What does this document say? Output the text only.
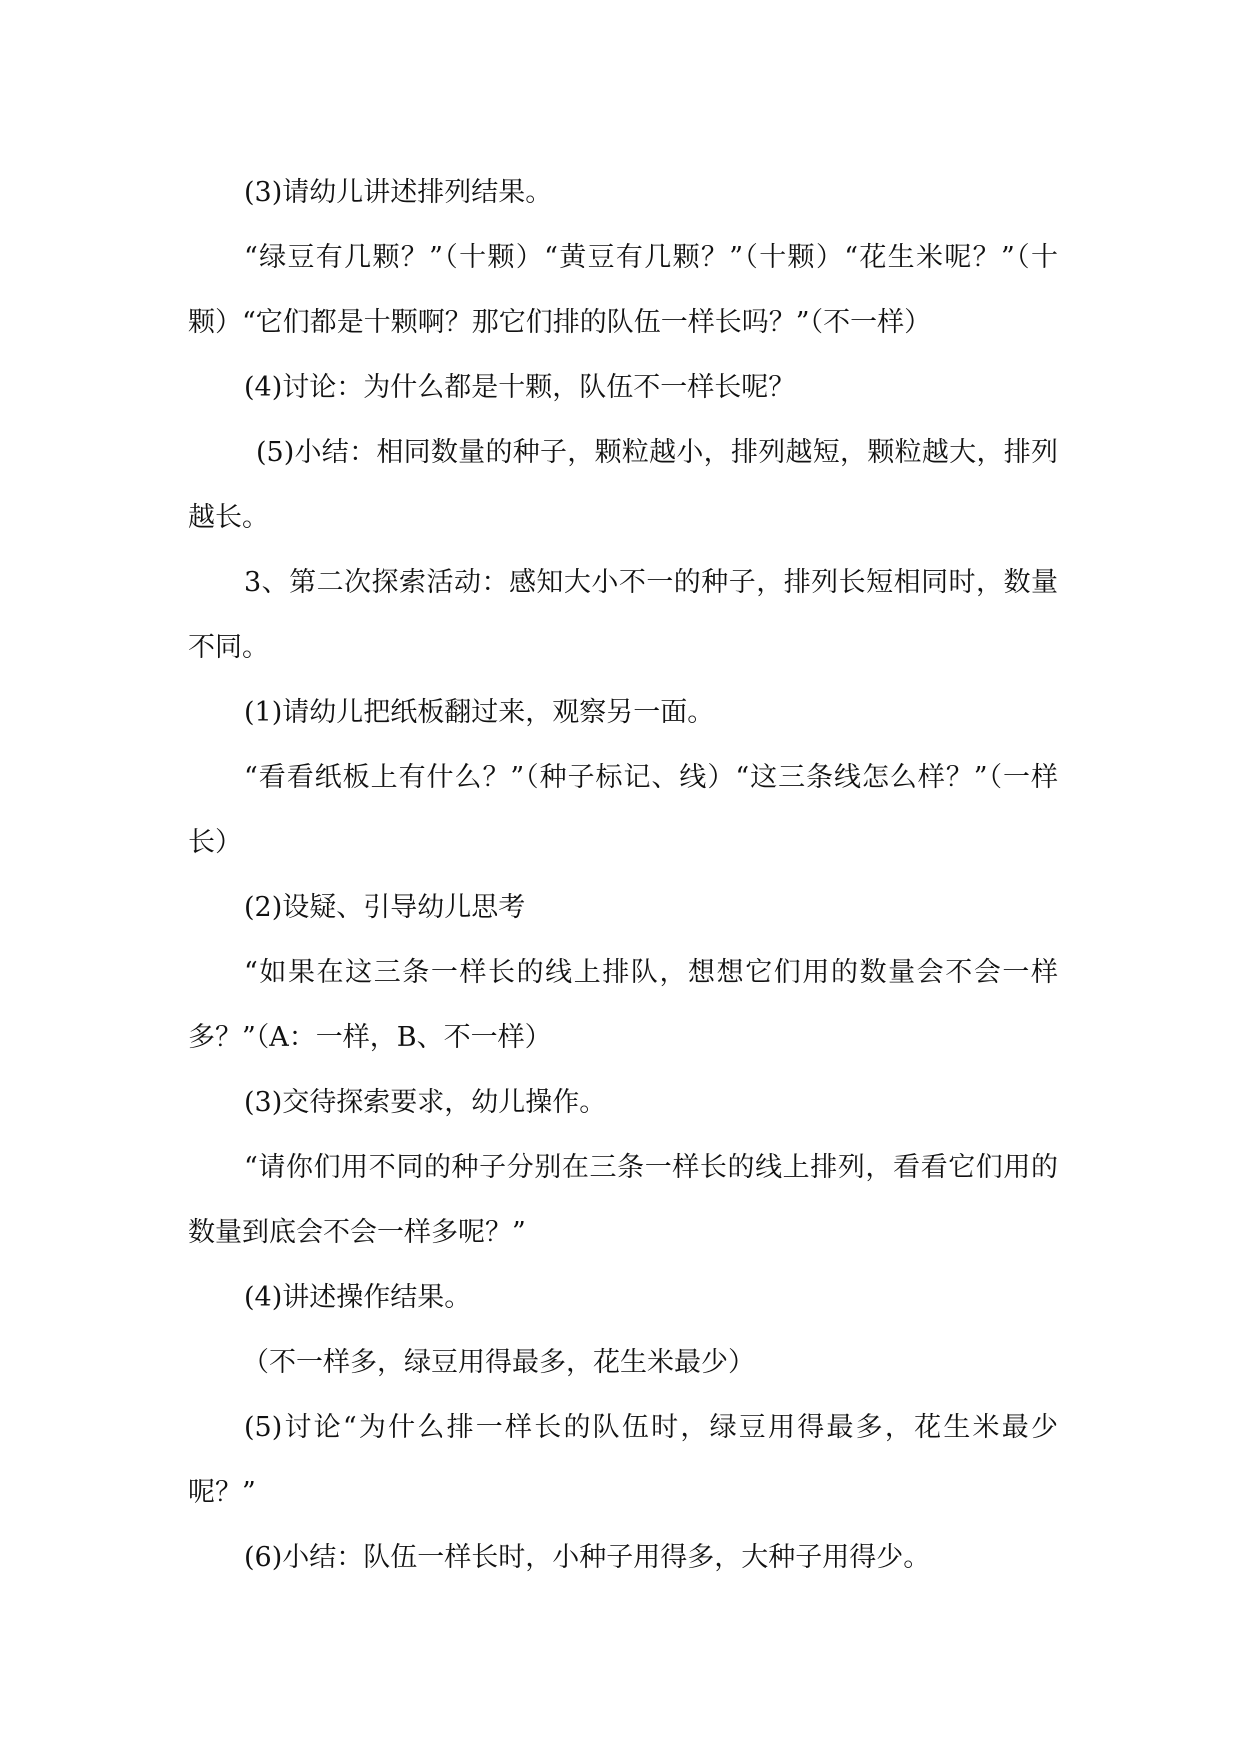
(3)请幼儿讲述排列结果。

“绿豆有几颗？”（十颗）“黄豆有几颗？”（十颗）“花生米呢？”（十颗）“它们都是十颗啊？那它们排的队伍一样长吗？”（不一样）

(4)讨论：为什么都是十颗，队伍不一样长呢？

(5)小结：相同数量的种子，颗粒越小，排列越短，颗粒越大，排列越长。

3、第二次探索活动：感知大小不一的种子，排列长短相同时，数量不同。

(1)请幼儿把纸板翻过来，观察另一面。

“看看纸板上有什么？”（种子标记、线）“这三条线怎么样？”（一样长）

(2)设疑、引导幼儿思考

“如果在这三条一样长的线上排队，想想它们用的数量会不会一样多？”（A：一样，B、不一样）

(3)交待探索要求，幼儿操作。

“请你们用不同的种子分别在三条一样长的线上排列，看看它们用的数量到底会不会一样多呢？”

(4)讲述操作结果。

（不一样多，绿豆用得最多，花生米最少）

(5)讨论“为什么排一样长的队伍时，绿豆用得最多，花生米最少呢？”

(6)小结：队伍一样长时，小种子用得多，大种子用得少。
